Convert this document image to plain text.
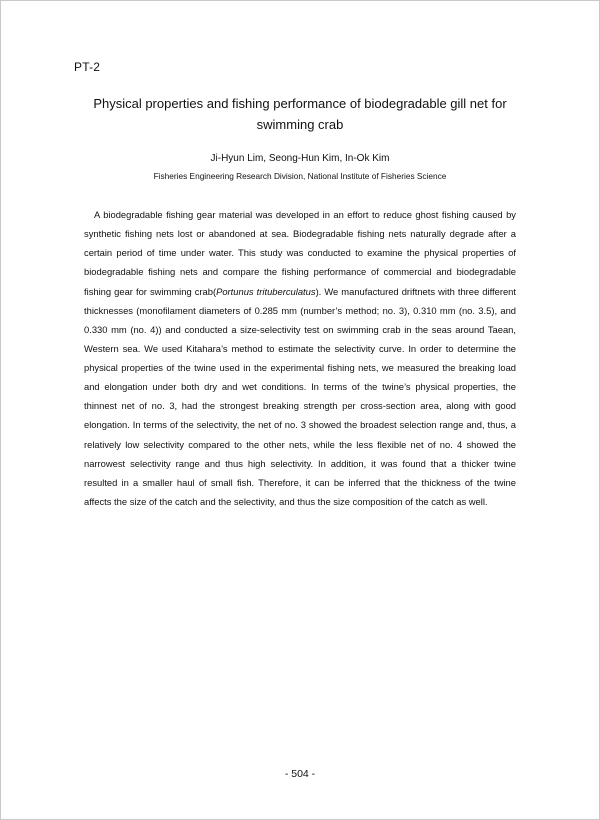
PT-2
Physical properties and fishing performance of biodegradable gill net for
swimming crab
Ji-Hyun Lim, Seong-Hun Kim, In-Ok Kim
Fisheries Engineering Research Division, National Institute of Fisheries Science

A biodegradable fishing gear material was developed in an effort to reduce ghost fishing caused by synthetic fishing nets lost or abandoned at sea. Biodegradable fishing nets naturally degrade after a certain period of time under water. This study was conducted to examine the physical properties of biodegradable fishing nets and compare the fishing performance of commercial and biodegradable fishing gear for swimming crab(Portunus trituberculatus). We manufactured driftnets with three different thicknesses (monofilament diameters of 0.285 mm (number’s method; no. 3), 0.310 mm (no. 3.5), and 0.330 mm (no. 4)) and conducted a size-selectivity test on swimming crab in the seas around Taean, Western sea. We used Kitahara’s method to estimate the selectivity curve. In order to determine the physical properties of the twine used in the experimental fishing nets, we measured the breaking load and elongation under both dry and wet conditions. In terms of the twine’s physical properties, the thinnest net of no. 3, had the strongest breaking strength per cross-section area, along with good elongation. In terms of the selectivity, the net of no. 3 showed the broadest selection range and, thus, a relatively low selectivity compared to the other nets, while the less flexible net of no. 4 showed the narrowest selectivity range and thus high selectivity. In addition, it was found that a thicker twine resulted in a smaller haul of small fish. Therefore, it can be inferred that the thickness of the twine affects the size of the catch and the selectivity, and thus the size composition of the catch as well.

- 504 -
